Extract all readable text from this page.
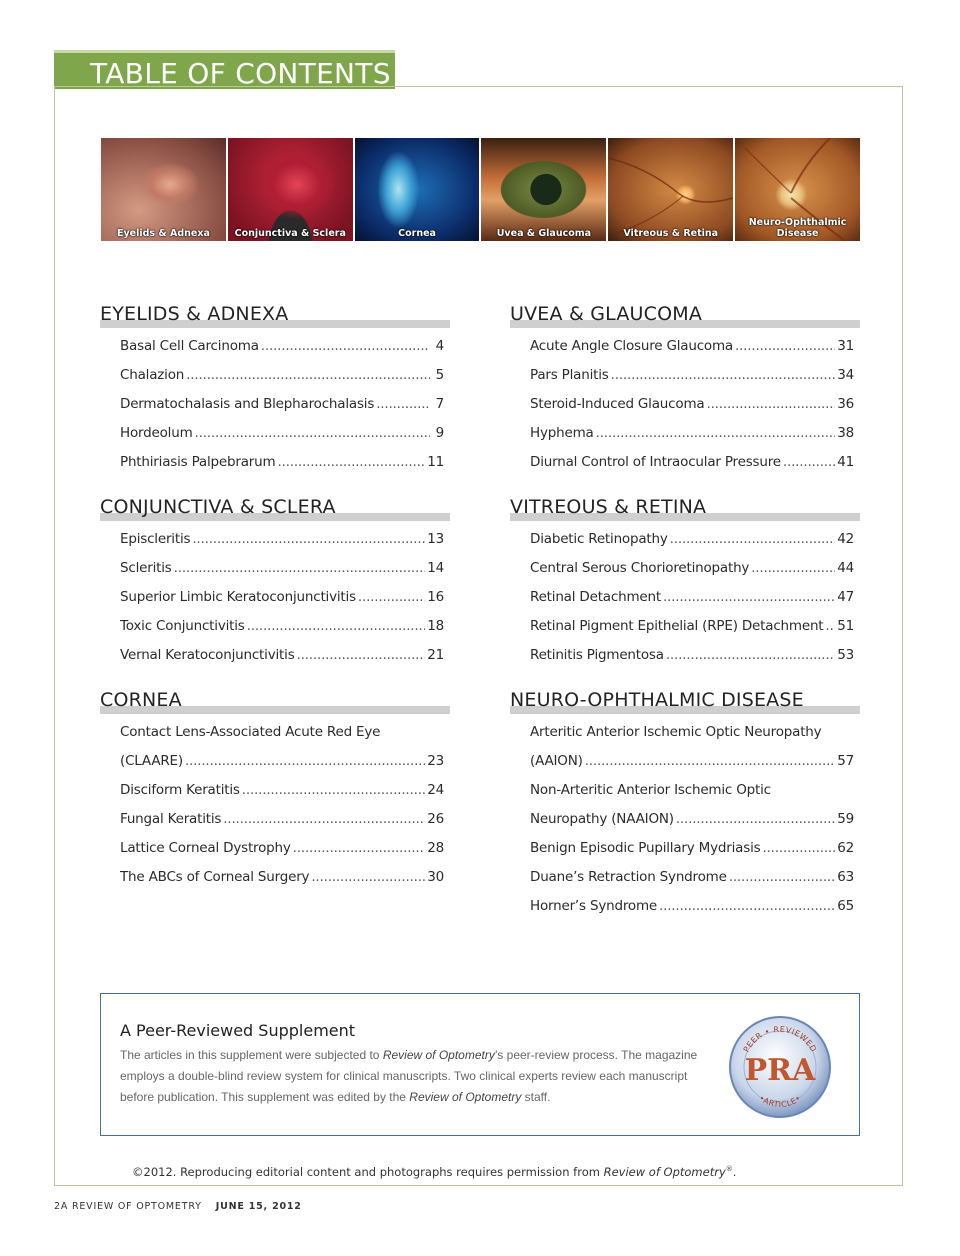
TABLE OF CONTENTS
Eyelids & Adnexa	Conjunctiva & Sclera	Cornea	Uvea & Glaucoma	Vitreous & Retina
Neuro-Ophthalmic Disease
EYELIDS & ADNEXA
Basal Cell Carcinoma .....	4
Chalazion .....	5
Dermatochalasis and Blepharochalasis .....	7
Hordeolum .....	9
Phthiriasis Palpebrarum .....	11
CONJUNCTIVA & SCLERA
Episcleritis .....	13
Scleritis .....	14
Superior Limbic Keratoconjunctivitis .....	16
Toxic Conjunctivitis .....	18
Vernal Keratoconjunctivitis .....	21
CORNEA
Contact Lens-Associated Acute Red Eye
(CLAARE) .....	23
Disciform Keratitis .....	24
Fungal Keratitis .....	26
Lattice Corneal Dystrophy .....	28
The ABCs of Corneal Surgery .....	30
UVEA & GLAUCOMA
Acute Angle Closure Glaucoma .....	31
Pars Planitis .....	34
Steroid-Induced Glaucoma .....	36
Hyphema .....	38
Diurnal Control of Intraocular Pressure .....	41
VITREOUS & RETINA
Diabetic Retinopathy .....	42
Central Serous Chorioretinopathy .....	44
Retinal Detachment .....	47
Retinal Pigment Epithelial (RPE) Detachment ..... 51
Retinitis Pigmentosa .....	53
NEURO-OPHTHALMIC DISEASE
Arteritic Anterior Ischemic Optic Neuropathy
(AAION) .....	57
Non-Arteritic Anterior Ischemic Optic
Neuropathy (NAAION) .....	59
Benign Episodic Pupillary Mydriasis .....	62
Duane’s Retraction Syndrome .....	63
Horner’s Syndrome .....	65
A Peer-Reviewed Supplement
The articles in this supplement were subjected to Review of Optometry’s peer-review process. The magazine employs a double-blind review system for clinical manuscripts. Two clinical experts review each manuscript before publication. This supplement was edited by the Review of Optometry staff.
PEER • REVIEWED
•ARTICLE•
PRA
©2012. Reproducing editorial content and photographs requires permission from Review of Optometry®.
2A REVIEW OF OPTOMETRY JUNE 15, 2012
